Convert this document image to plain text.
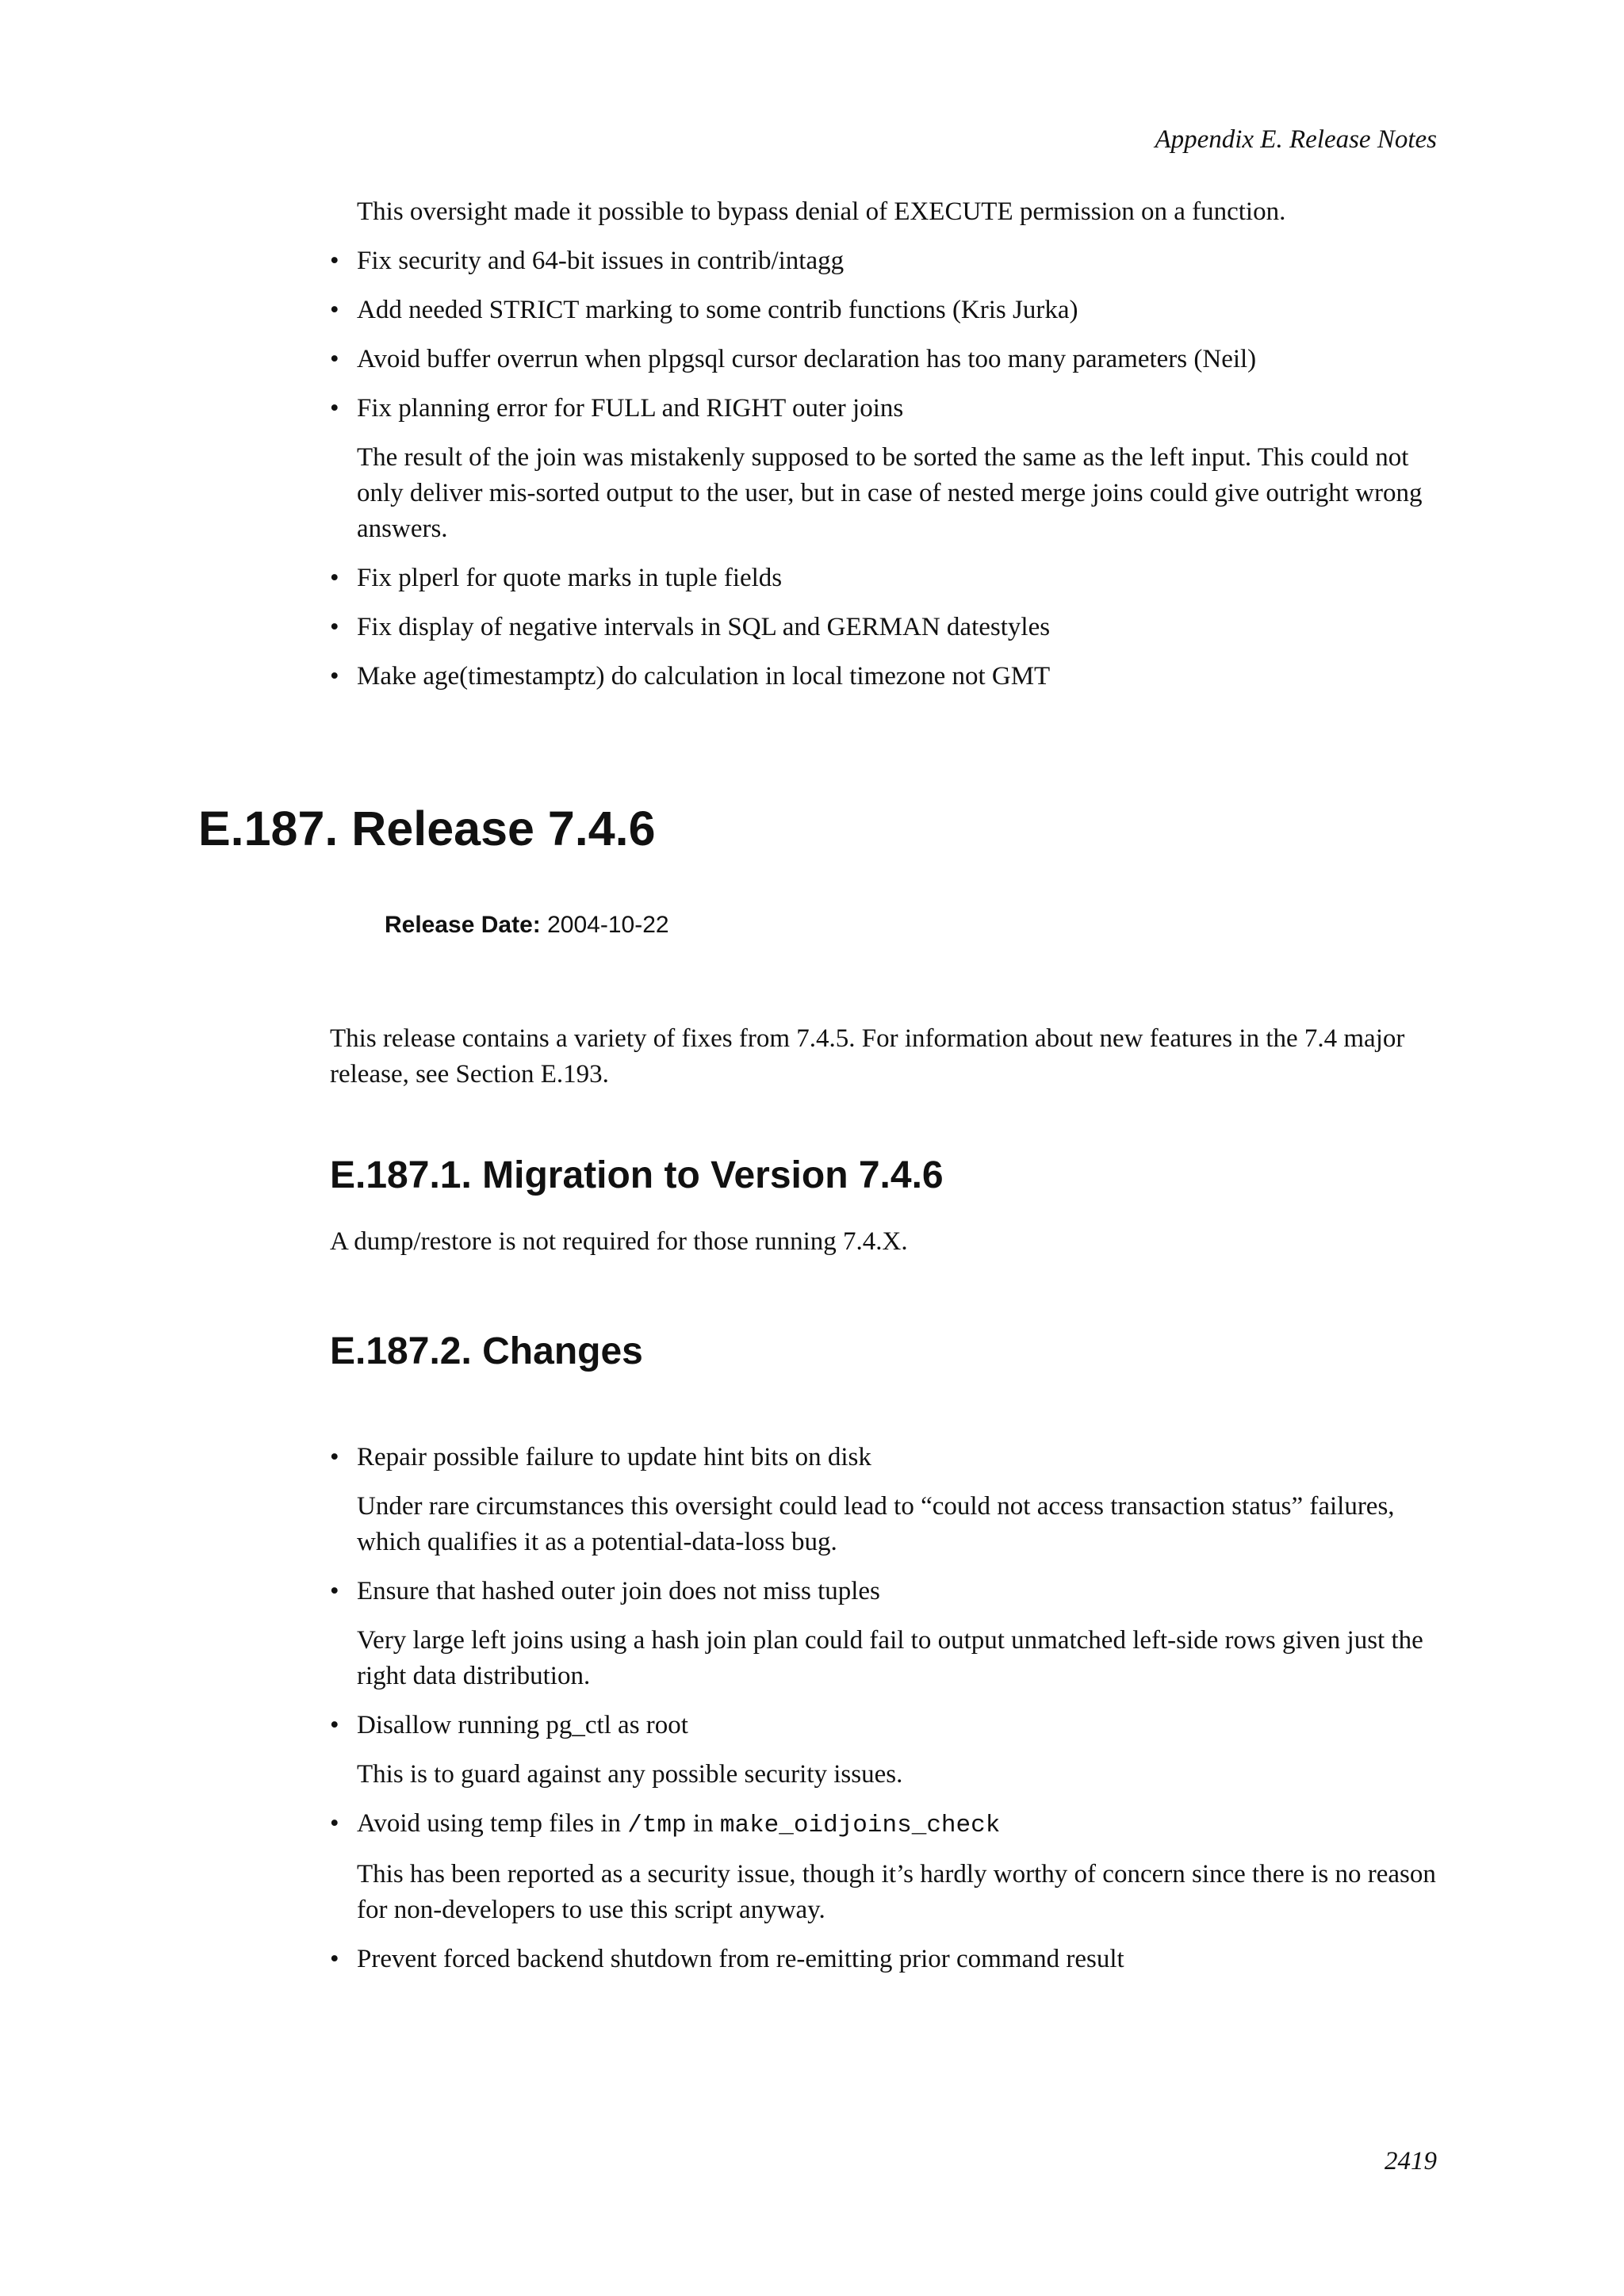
Appendix E. Release Notes

This oversight made it possible to bypass denial of EXECUTE permission on a function.

• Fix security and 64-bit issues in contrib/intagg
• Add needed STRICT marking to some contrib functions (Kris Jurka)
• Avoid buffer overrun when plpgsql cursor declaration has too many parameters (Neil)
• Fix planning error for FULL and RIGHT outer joins
The result of the join was mistakenly supposed to be sorted the same as the left input. This could not only deliver mis-sorted output to the user, but in case of nested merge joins could give outright wrong answers.
• Fix plperl for quote marks in tuple fields
• Fix display of negative intervals in SQL and GERMAN datestyles
• Make age(timestamptz) do calculation in local timezone not GMT
E.187. Release 7.4.6
Release Date: 2004-10-22

This release contains a variety of fixes from 7.4.5. For information about new features in the 7.4 major release, see Section E.193.

E.187.1. Migration to Version 7.4.6

A dump/restore is not required for those running 7.4.X.

E.187.2. Changes
• Repair possible failure to update hint bits on disk
Under rare circumstances this oversight could lead to “could not access transaction status” failures, which qualifies it as a potential-data-loss bug.
• Ensure that hashed outer join does not miss tuples
Very large left joins using a hash join plan could fail to output unmatched left-side rows given just the right data distribution.
• Disallow running pg_ctl as root
This is to guard against any possible security issues.
• Avoid using temp files in /tmp in make_oidjoins_check
This has been reported as a security issue, though it’s hardly worthy of concern since there is no reason for non-developers to use this script anyway.
• Prevent forced backend shutdown from re-emitting prior command result
2419
